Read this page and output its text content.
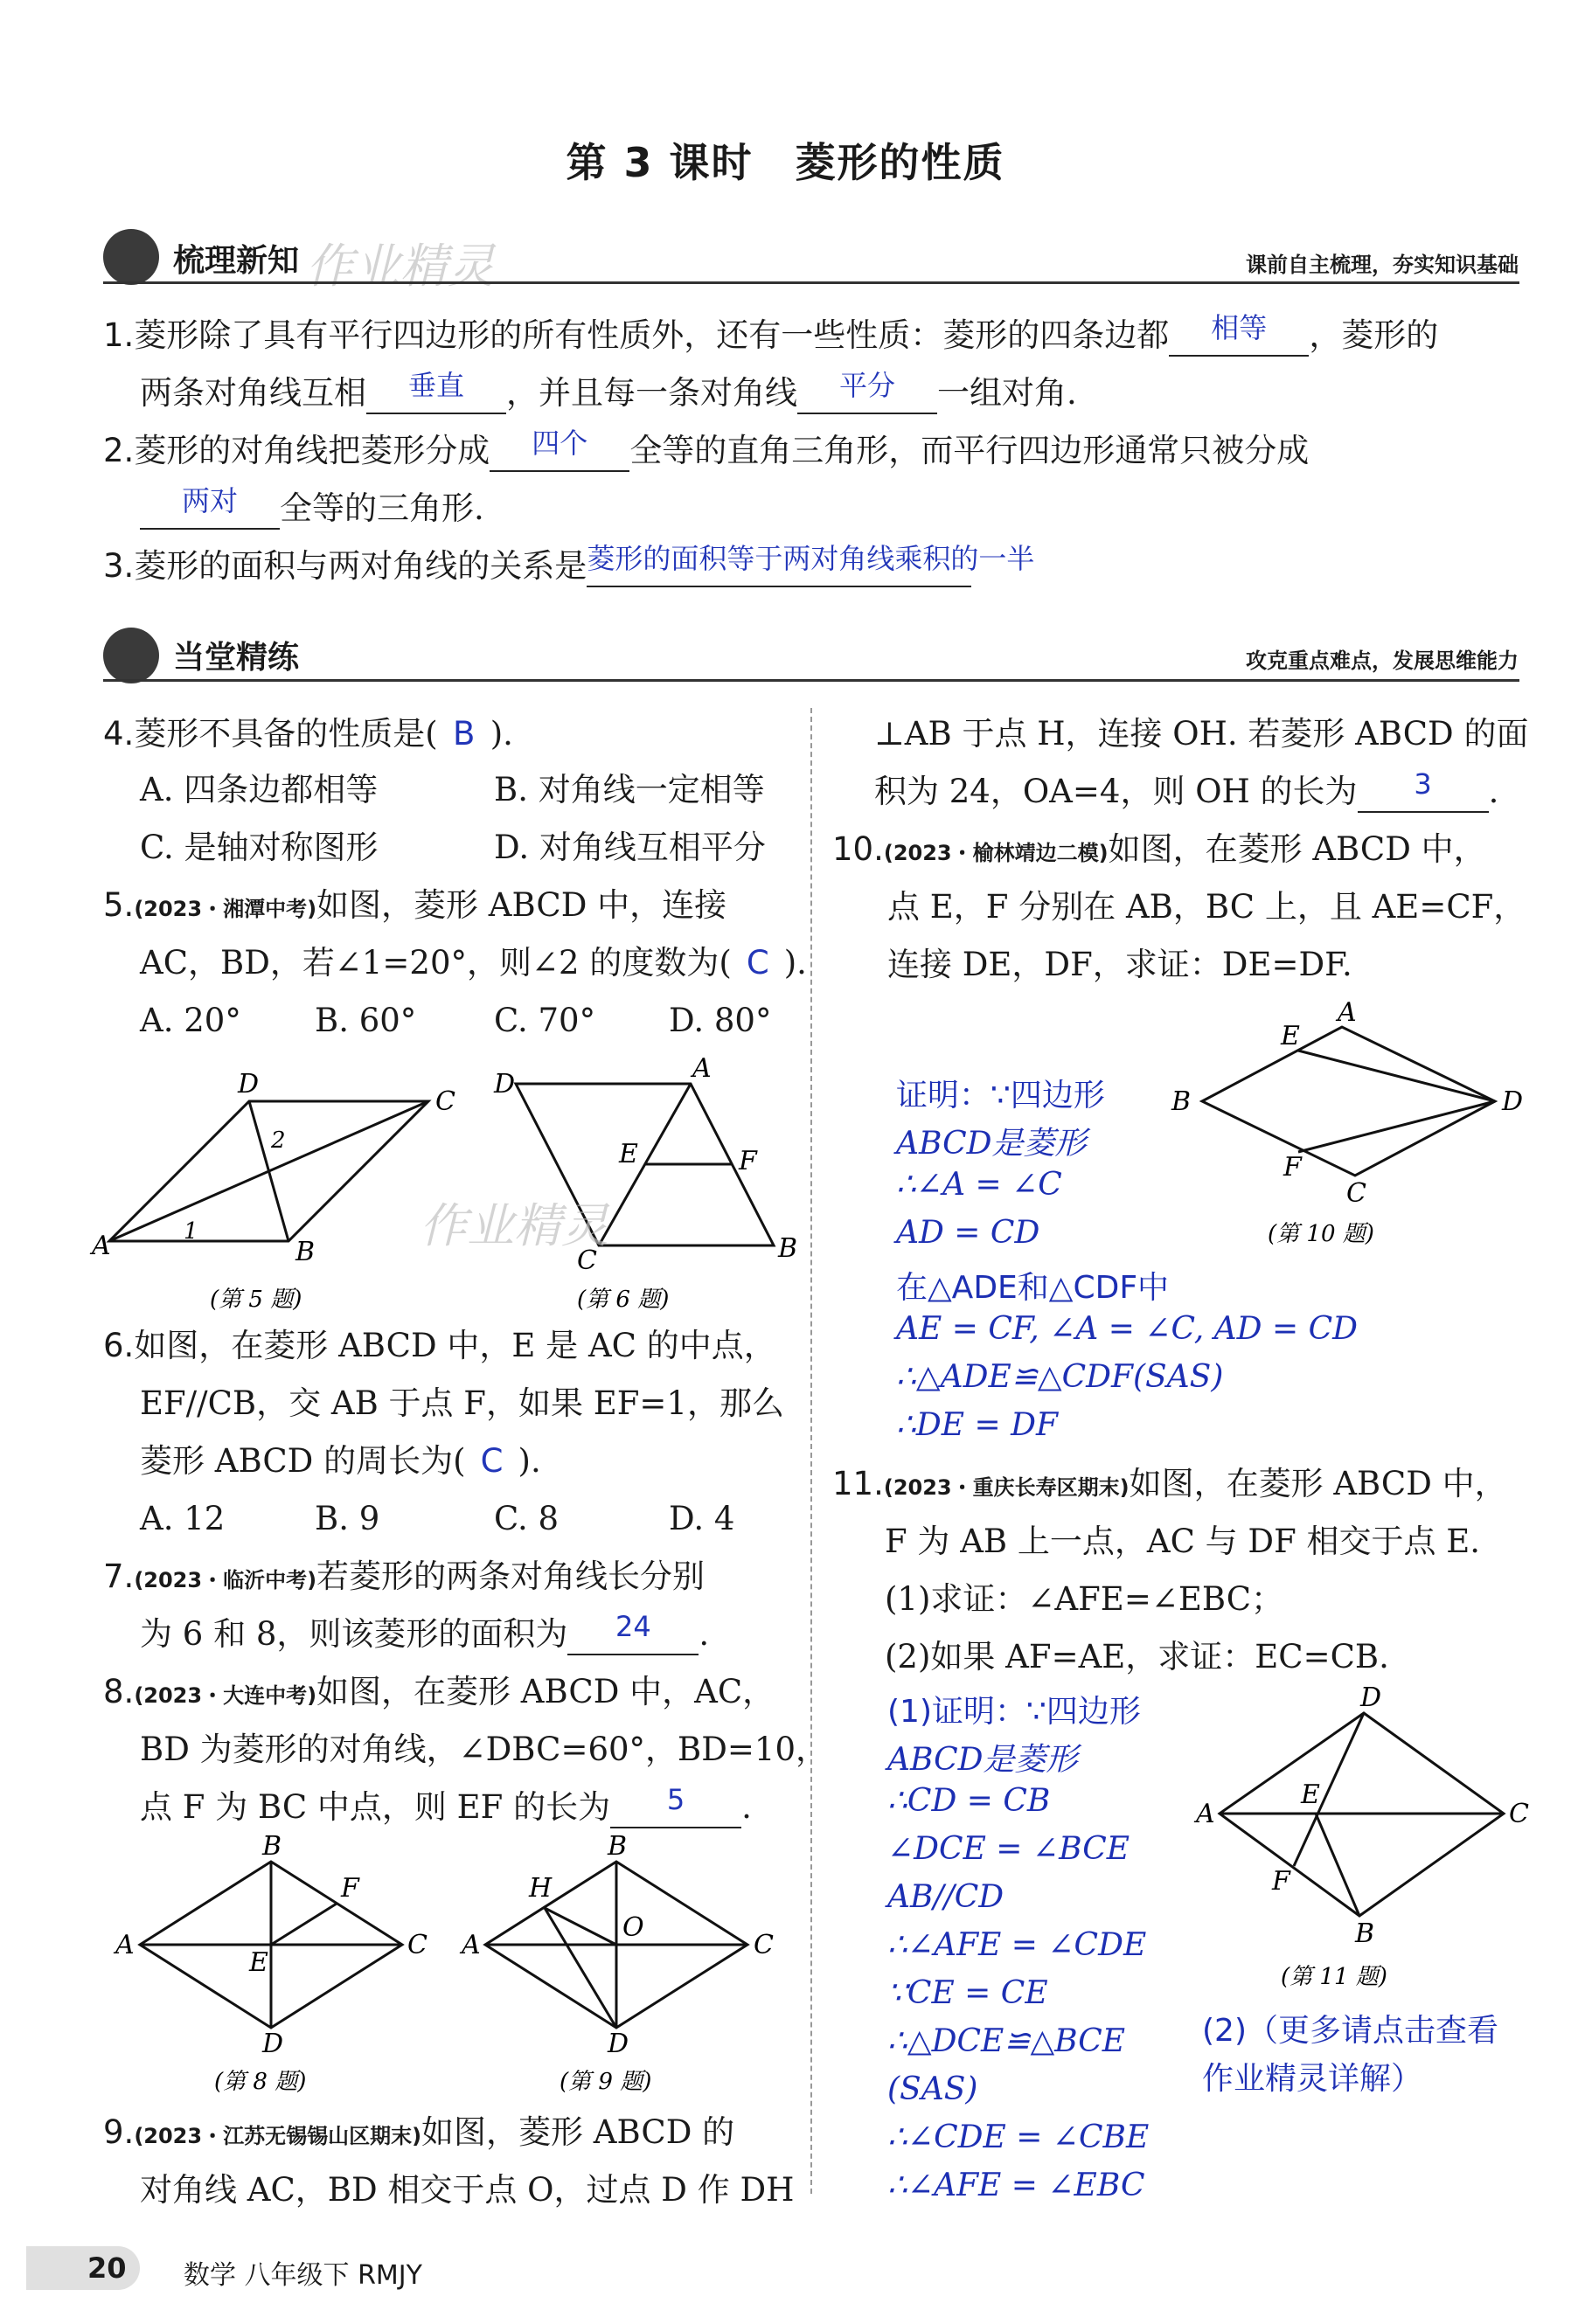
第 3 课时　菱形的性质
梳理新知 作业精灵	课前自主梳理，夯实知识基础
1.菱形除了具有平行四边形的所有性质外，还有一些性质：菱形的四条边都 相等 ，菱形的
两条对角线互相 垂直 ，并且每一条对角线 平分 一组对角.
2.菱形的对角线把菱形分成 四个 全等的直角三角形，而平行四边形通常只被分成
两对 全等的三角形.
3.菱形的面积与两对角线的关系是菱形的面积等于两对角线乘积的一半
当堂精练	攻克重点难点，发展思维能力
4.菱形不具备的性质是( B ).
A. 四条边都相等	B. 对角线一定相等
C. 是轴对称图形	D. 对角线互相平分
5.(2023・湘潭中考)如图，菱形 ABCD 中，连接
AC，BD，若∠1=20°，则∠2 的度数为( C ).
A. 20° B. 60° C. 70° D. 80°
A	B
C
D
1
2
(第 5 题)
D
A
C	B
E	F
(第 6 题)
作业精灵
6.如图，在菱形 ABCD 中，E 是 AC 的中点，
EF//CB，交 AB 于点 F，如果 EF=1，那么
菱形 ABCD 的周长为( C ).
A. 12	B. 9	C. 8	D. 4
7.(2023・临沂中考)若菱形的两条对角线长分别
为 6 和 8，则该菱形的面积为 24 .
8.(2023・大连中考)如图，在菱形 ABCD 中，AC，
BD 为菱形的对角线，∠DBC=60°，BD=10，
点 F 为 BC 中点，则 EF 的长为 5 .
A
B
C
D
E
F
(第 8 题)
A
B
C
D
H
O
(第 9 题)
9.(2023・江苏无锡锡山区期末)如图，菱形 ABCD 的
对角线 AC，BD 相交于点 O，过点 D 作 DH
⊥AB 于点 H，连接 OH. 若菱形 ABCD 的面
积为 24，OA=4，则 OH 的长为 3 .
10.(2023・榆林靖边二模)如图，在菱形 ABCD 中，
点 E，F 分别在 AB，BC 上，且 AE=CF，
连接 DE，DF，求证：DE=DF.
证明：∵四边形
ABCD是菱形
∴∠A = ∠C
AD = CD
在△ADE和△CDF中
AE = CF, ∠A = ∠C, AD = CD
∴△ADE≌△CDF(SAS)
∴DE = DF
B
A
D
C
E
F
(第 10 题)
11.(2023・重庆长寿区期末)如图，在菱形 ABCD 中，
F 为 AB 上一点，AC 与 DF 相交于点 E.
(1)求证：∠AFE=∠EBC；
(2)如果 AF=AE，求证：EC=CB.
(1)证明：∵四边形
ABCD是菱形
∴CD = CB
∠DCE = ∠BCE
AB//CD
∴∠AFE = ∠CDE
∵CE = CE
∴△DCE≌△BCE
(SAS)
∴∠CDE = ∠CBE
∴∠AFE = ∠EBC
A
D
C
B
E
F
(第 11 题)
(2)（更多请点击查看
作业精灵详解）
20 数学 八年级下 RMJY
